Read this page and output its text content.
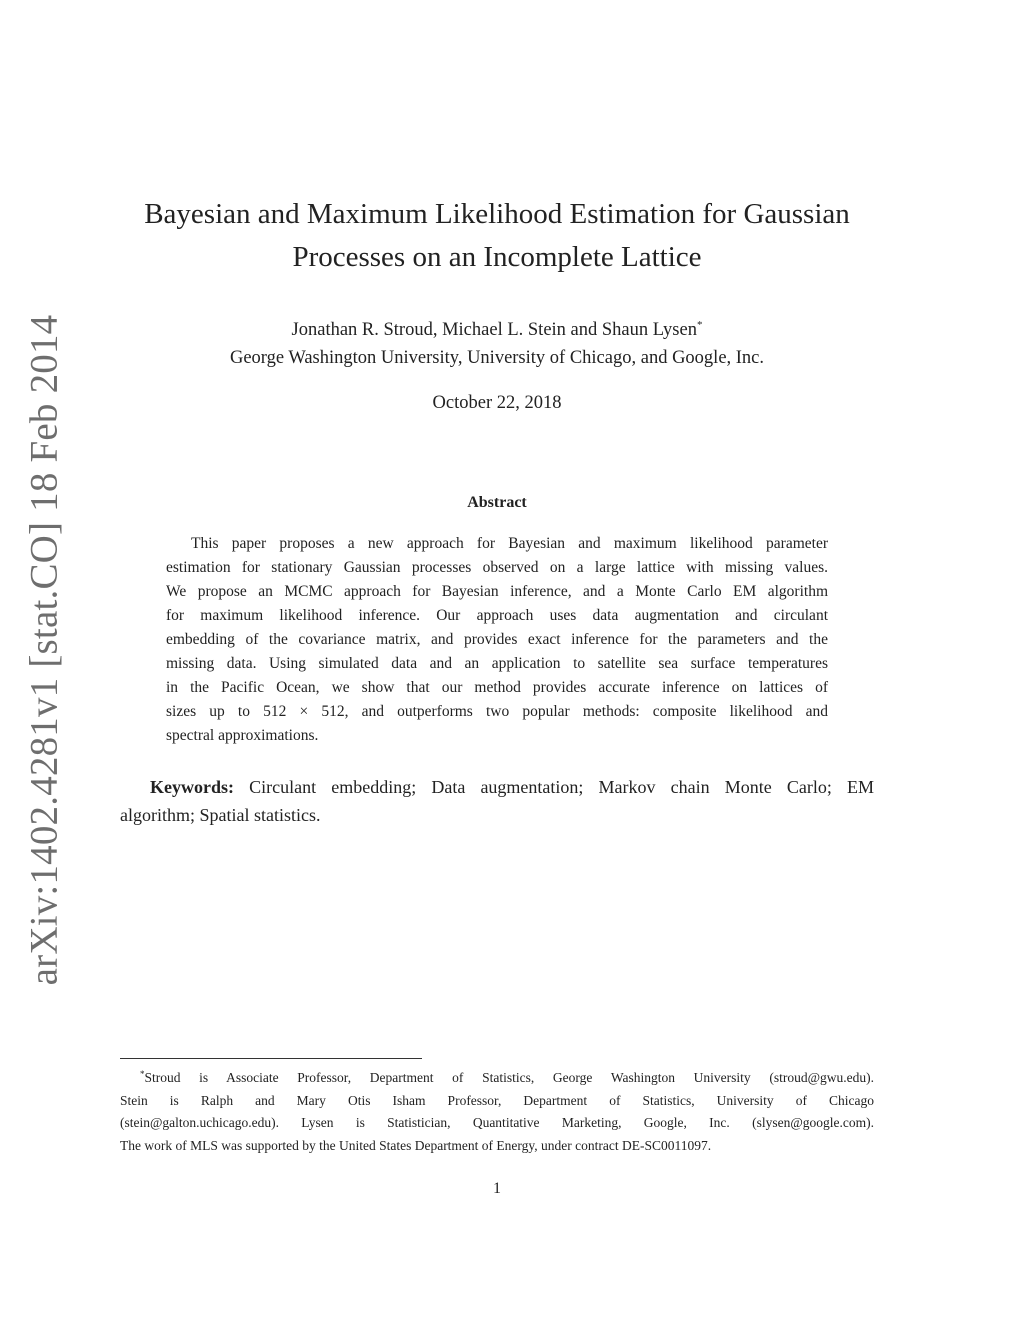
arXiv:1402.4281v1 [stat.CO] 18 Feb 2014
Bayesian and Maximum Likelihood Estimation for Gaussian
Processes on an Incomplete Lattice
Jonathan R. Stroud, Michael L. Stein and Shaun Lysen*
George Washington University, University of Chicago, and Google, Inc.
October 22, 2018
Abstract
This paper proposes a new approach for Bayesian and maximum likelihood parameter
estimation for stationary Gaussian processes observed on a large lattice with missing values.
We propose an MCMC approach for Bayesian inference, and a Monte Carlo EM algorithm
for maximum likelihood inference. Our approach uses data augmentation and circulant
embedding of the covariance matrix, and provides exact inference for the parameters and the
missing data. Using simulated data and an application to satellite sea surface temperatures
in the Pacific Ocean, we show that our method provides accurate inference on lattices of
sizes up to 512 × 512, and outperforms two popular methods: composite likelihood and
spectral approximations.
Keywords: Circulant embedding; Data augmentation; Markov chain Monte Carlo; EM
algorithm; Spatial statistics.
*Stroud is Associate Professor, Department of Statistics, George Washington University (stroud@gwu.edu).
Stein is Ralph and Mary Otis Isham Professor, Department of Statistics, University of Chicago
(stein@galton.uchicago.edu). Lysen is Statistician, Quantitative Marketing, Google, Inc. (slysen@google.com).
The work of MLS was supported by the United States Department of Energy, under contract DE-SC0011097.
1
